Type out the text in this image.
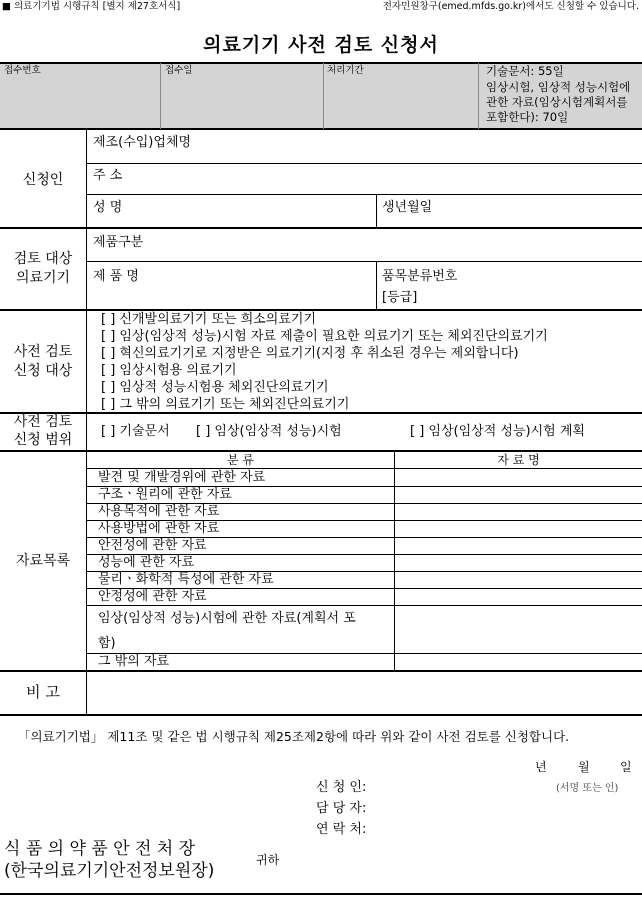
■ 의료기기법 시행규칙 [별지 제27호서식]	전자민원창구(emed.mfds.go.kr)에서도 신청할 수 있습니다.
의료기기 사전 검토 신청서
접수번호	접수일	처리기간	기술문서: 55일
임상시험, 임상적 성능시험에
관한 자료(임상시험계획서를
포함한다): 70일
신청인
제조(수입)업체명
주 소
성 명	생년월일
검토 대상
의료기기
제품구분
제 품 명	품목분류번호
[등급]
사전 검토
신청 대상
[ ] 신개발의료기기 또는 희소의료기기
[ ] 임상(임상적 성능)시험 자료 제출이 필요한 의료기기 또는 체외진단의료기기
[ ] 혁신의료기기로 지정받은 의료기기(지정 후 취소된 경우는 제외합니다)
[ ] 임상시험용 의료기기
[ ] 임상적 성능시험용 체외진단의료기기
[ ] 그 밖의 의료기기 또는 체외진단의료기기
사전 검토
신청 범위
[ ] 기술문서 [ ] 임상(임상적 성능)시험	[ ] 임상(임상적 성능)시험 계획
자료목록
분 류	자 료 명
발견 및 개발경위에 관한 자료
구조ㆍ원리에 관한 자료
사용목적에 관한 자료
사용방법에 관한 자료
안전성에 관한 자료
성능에 관한 자료
물리ㆍ화학적 특성에 관한 자료
안정성에 관한 자료
임상(임상적 성능)시험에 관한 자료(계획서 포
함)
그 밖의 자료
비 고
「의료기기법」 제11조 및 같은 법 시행규칙 제25조제2항에 따라 위와 같이 사전 검토를 신청합니다.
년	월	일
신 청 인:	(서명 또는 인)
담 당 자:
연 락 처:
식 품 의 약 품 안 전 처 장
(한국의료기기안전정보원장)
귀하
